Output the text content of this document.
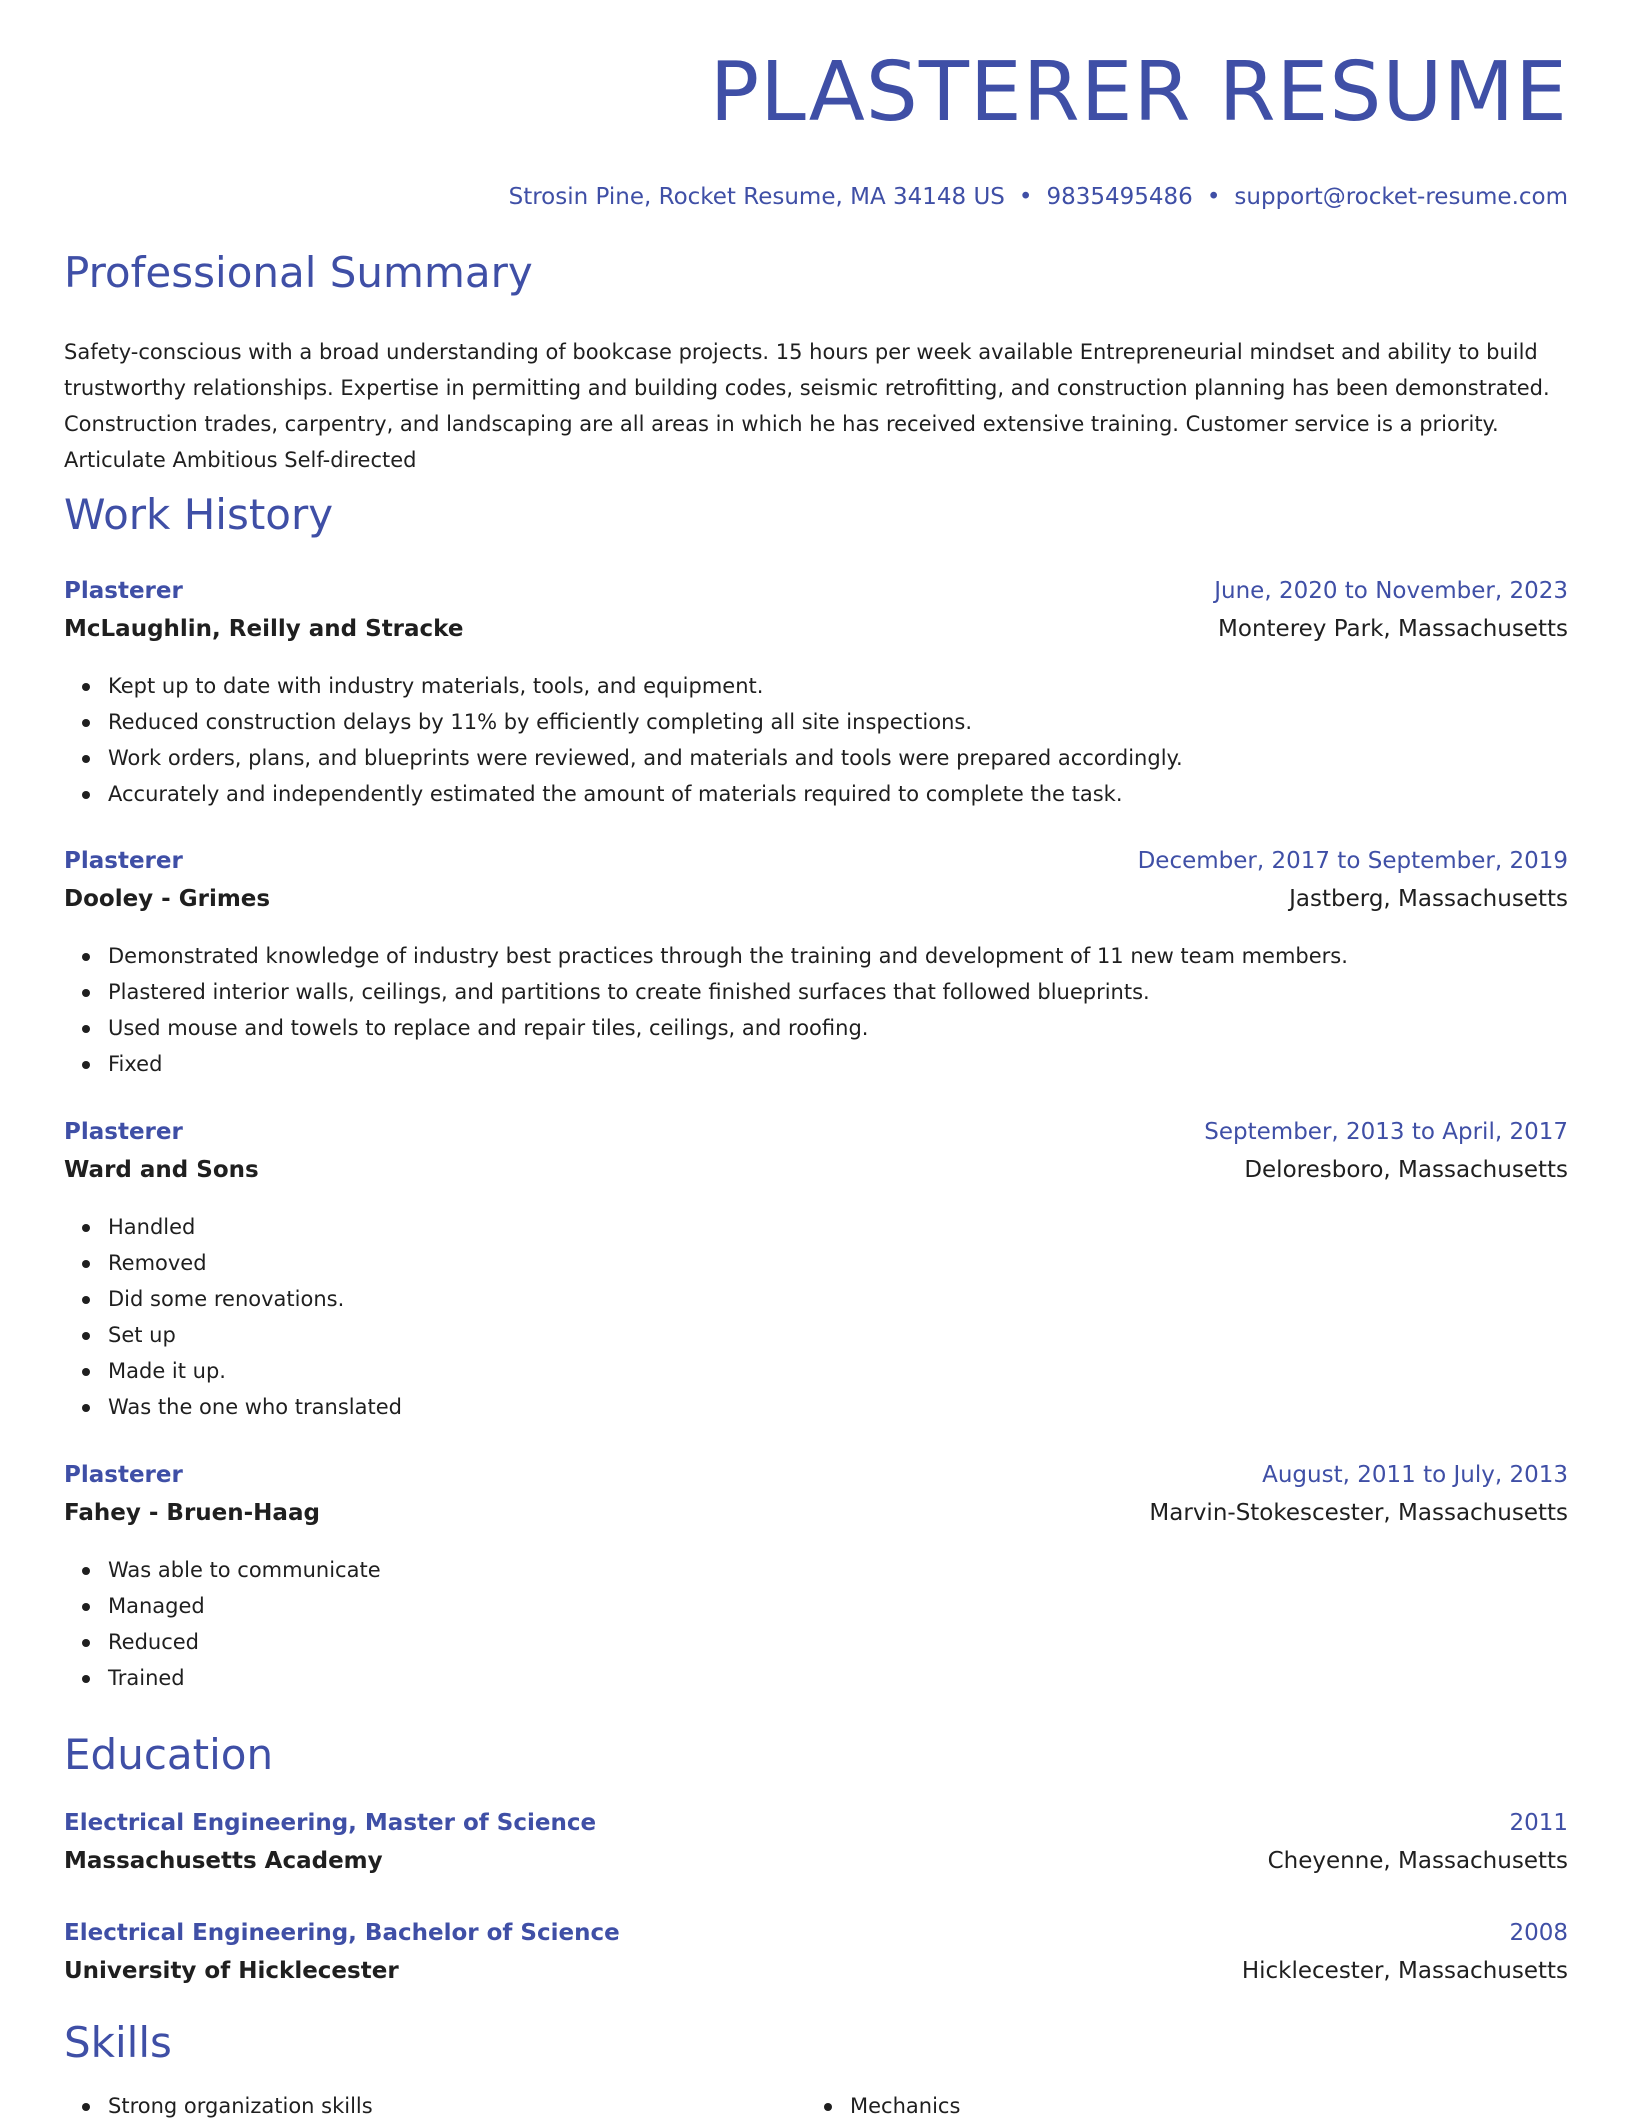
PLASTERER RESUME
Strosin Pine, Rocket Resume, MA 34148 US • 9835495486 • support@rocket-resume.com
Professional Summary

Safety-conscious with a broad understanding of bookcase projects. 15 hours per week available Entrepreneurial mindset and ability to build trustworthy relationships. Expertise in permitting and building codes, seismic retrofitting, and construction planning has been demonstrated. Construction trades, carpentry, and landscaping are all areas in which he has received extensive training. Customer service is a priority. Articulate Ambitious Self-directed

Work History
Plasterer	June, 2020 to November, 2023
McLaughlin, Reilly and Stracke	Monterey Park, Massachusetts
Kept up to date with industry materials, tools, and equipment.
Reduced construction delays by 11% by efficiently completing all site inspections.
Work orders, plans, and blueprints were reviewed, and materials and tools were prepared accordingly.
Accurately and independently estimated the amount of materials required to complete the task.
Plasterer	December, 2017 to September, 2019
Dooley - Grimes	Jastberg, Massachusetts
Demonstrated knowledge of industry best practices through the training and development of 11 new team members.
Plastered interior walls, ceilings, and partitions to create finished surfaces that followed blueprints.
Used mouse and towels to replace and repair tiles, ceilings, and roofing.
Fixed
Plasterer	September, 2013 to April, 2017
Ward and Sons	Deloresboro, Massachusetts
Handled
Removed
Did some renovations.
Set up
Made it up.
Was the one who translated
Plasterer	August, 2011 to July, 2013
Fahey - Bruen-Haag	Marvin-Stokescester, Massachusetts
Was able to communicate
Managed
Reduced
Trained
Education
Electrical Engineering, Master of Science	2011
Massachusetts Academy	Cheyenne, Massachusetts
Electrical Engineering, Bachelor of Science	2008
University of Hicklecester	Hicklecester, Massachusetts
Skills
Strong organization skills	Mechanics
